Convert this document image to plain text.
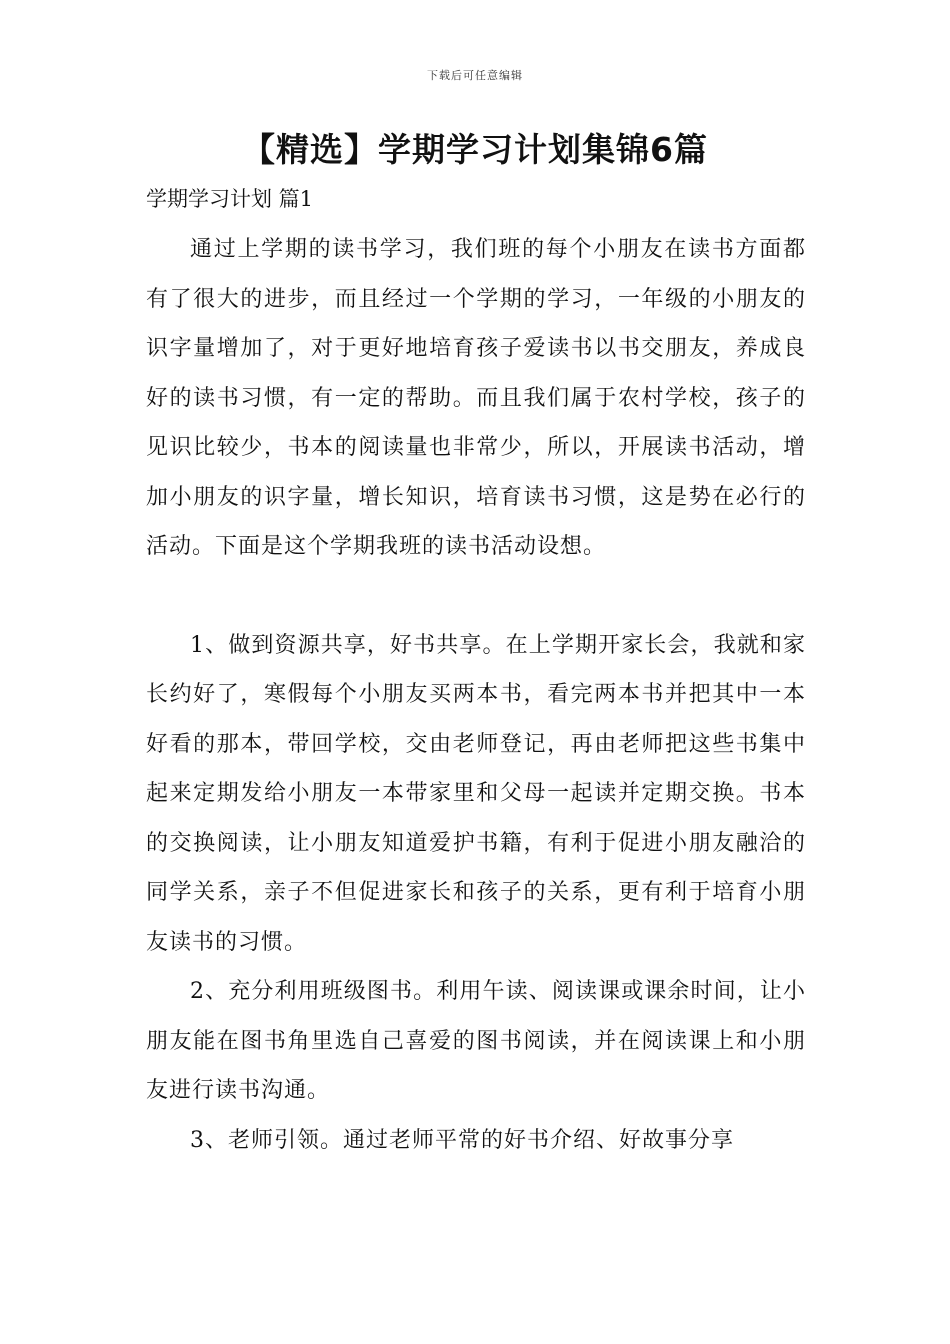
下载后可任意编辑
【精选】学期学习计划集锦6篇
学期学习计划 篇1

通过上学期的读书学习，我们班的每个小朋友在读书方面都有了很大的进步，而且经过一个学期的学习，一年级的小朋友的识字量增加了，对于更好地培育孩子爱读书以书交朋友，养成良好的读书习惯，有一定的帮助。而且我们属于农村学校，孩子的见识比较少，书本的阅读量也非常少，所以，开展读书活动，增加小朋友的识字量，增长知识，培育读书习惯，这是势在必行的活动。下面是这个学期我班的读书活动设想。

1、做到资源共享，好书共享。在上学期开家长会，我就和家长约好了，寒假每个小朋友买两本书，看完两本书并把其中一本好看的那本，带回学校，交由老师登记，再由老师把这些书集中起来定期发给小朋友一本带家里和父母一起读并定期交换。书本的交换阅读，让小朋友知道爱护书籍，有利于促进小朋友融洽的同学关系，亲子不但促进家长和孩子的关系，更有利于培育小朋友读书的习惯。

2、充分利用班级图书。利用午读、阅读课或课余时间，让小朋友能在图书角里选自己喜爱的图书阅读，并在阅读课上和小朋友进行读书沟通。

3、老师引领。通过老师平常的好书介绍、好故事分享
